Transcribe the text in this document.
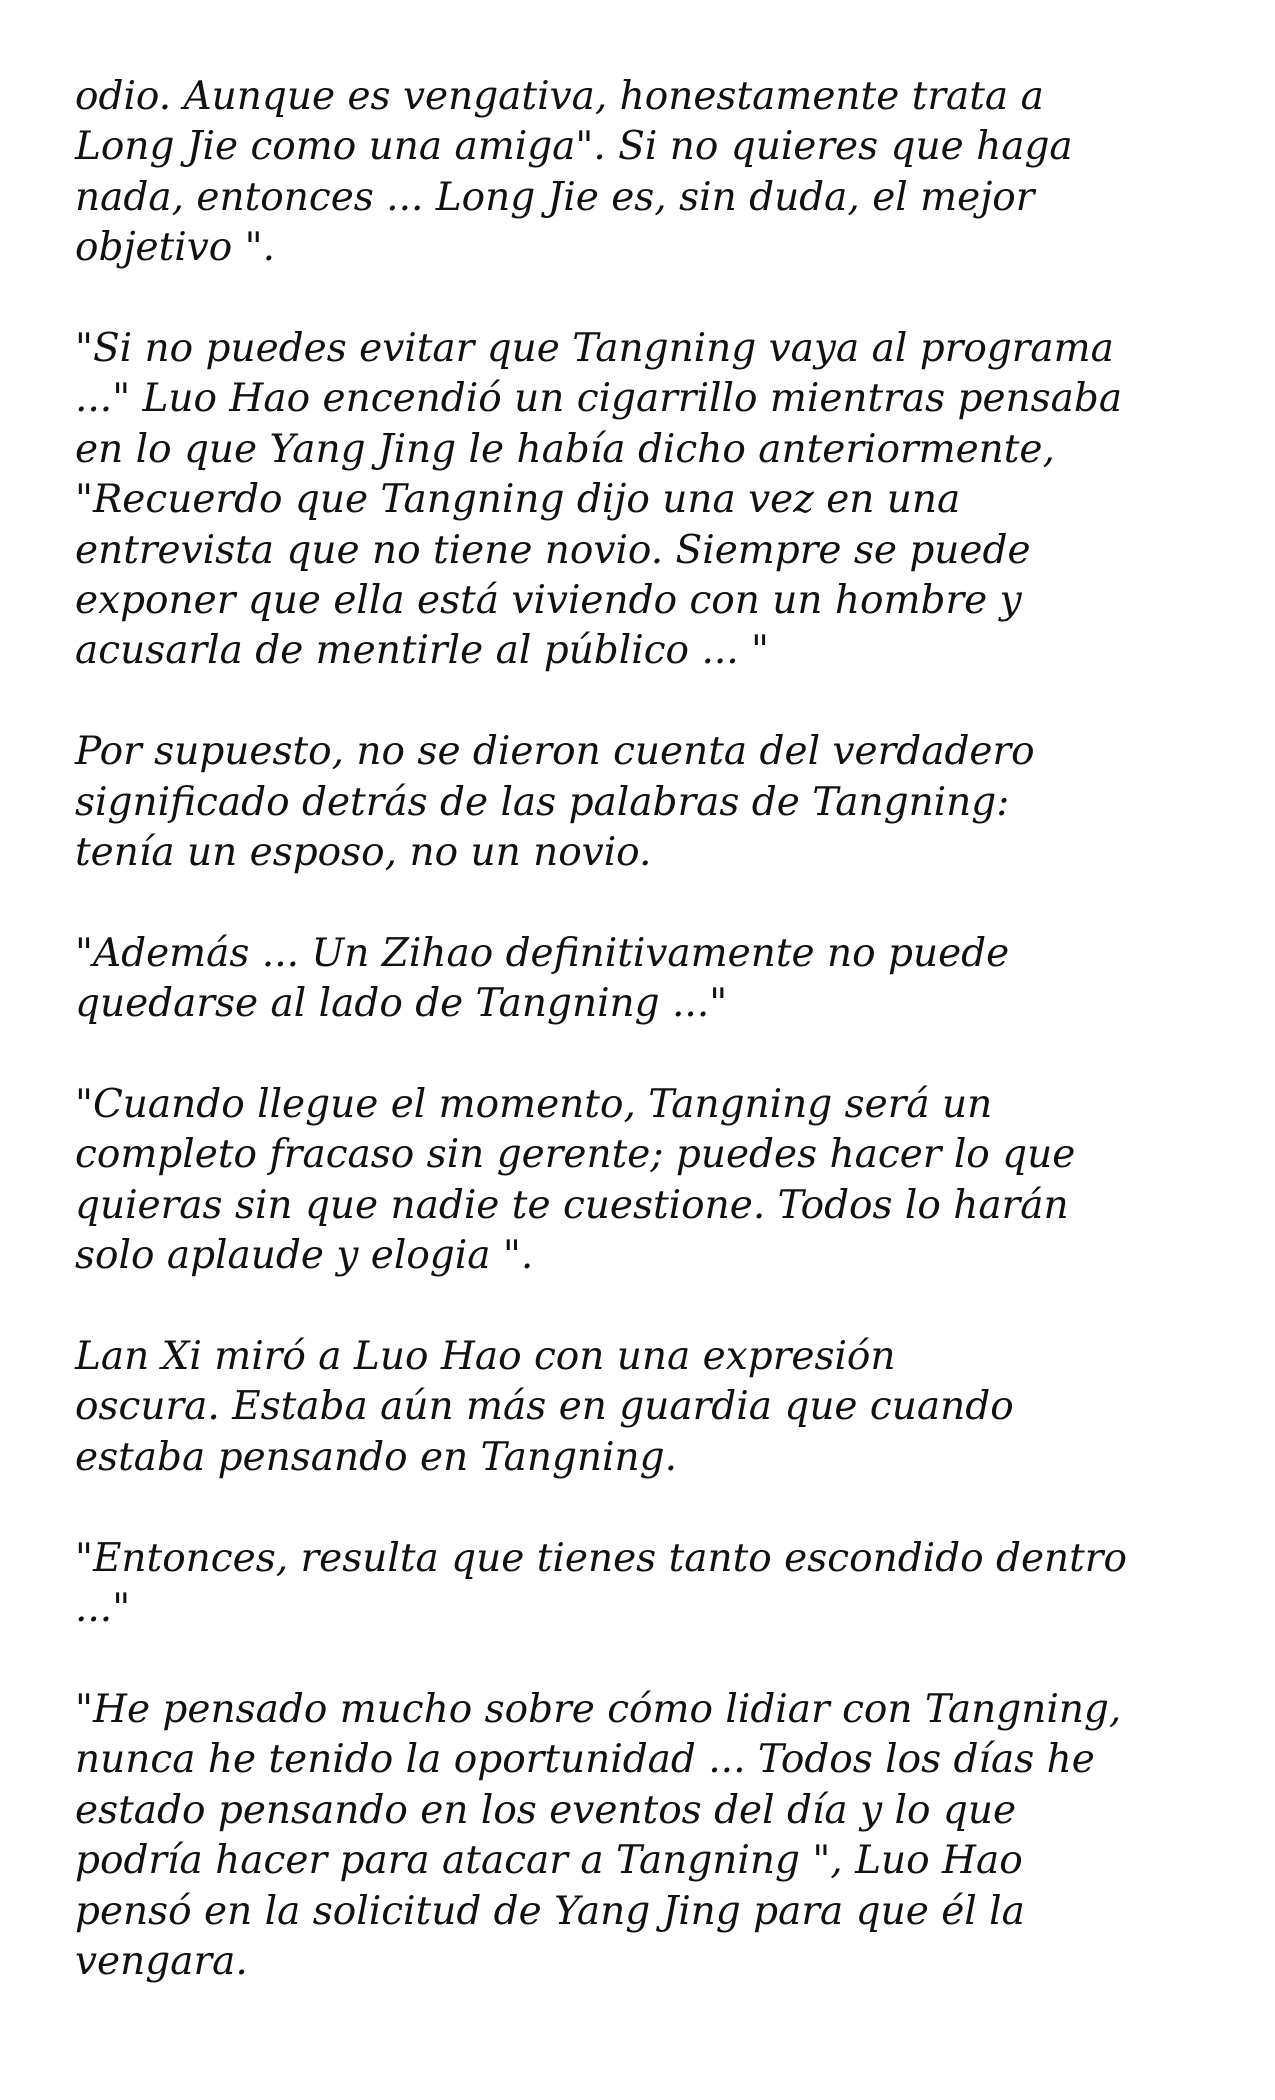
odio. Aunque es vengativa, honestamente trata a
Long Jie como una amiga". Si no quieres que haga
nada, entonces ... Long Jie es, sin duda, el mejor
objetivo ".

"Si no puedes evitar que Tangning vaya al programa
..." Luo Hao encendió un cigarrillo mientras pensaba
en lo que Yang Jing le había dicho anteriormente,
"Recuerdo que Tangning dijo una vez en una
entrevista que no tiene novio. Siempre se puede
exponer que ella está viviendo con un hombre y
acusarla de mentirle al público ... "

Por supuesto, no se dieron cuenta del verdadero
significado detrás de las palabras de Tangning:
tenía un esposo, no un novio.

"Además ... Un Zihao definitivamente no puede
quedarse al lado de Tangning ..."

"Cuando llegue el momento, Tangning será un
completo fracaso sin gerente; puedes hacer lo que
quieras sin que nadie te cuestione. Todos lo harán
solo aplaude y elogia ".

Lan Xi miró a Luo Hao con una expresión
oscura. Estaba aún más en guardia que cuando
estaba pensando en Tangning.

"Entonces, resulta que tienes tanto escondido dentro
..."

"He pensado mucho sobre cómo lidiar con Tangning,
nunca he tenido la oportunidad ... Todos los días he
estado pensando en los eventos del día y lo que
podría hacer para atacar a Tangning ", Luo Hao
pensó en la solicitud de Yang Jing para que él la
vengara.
